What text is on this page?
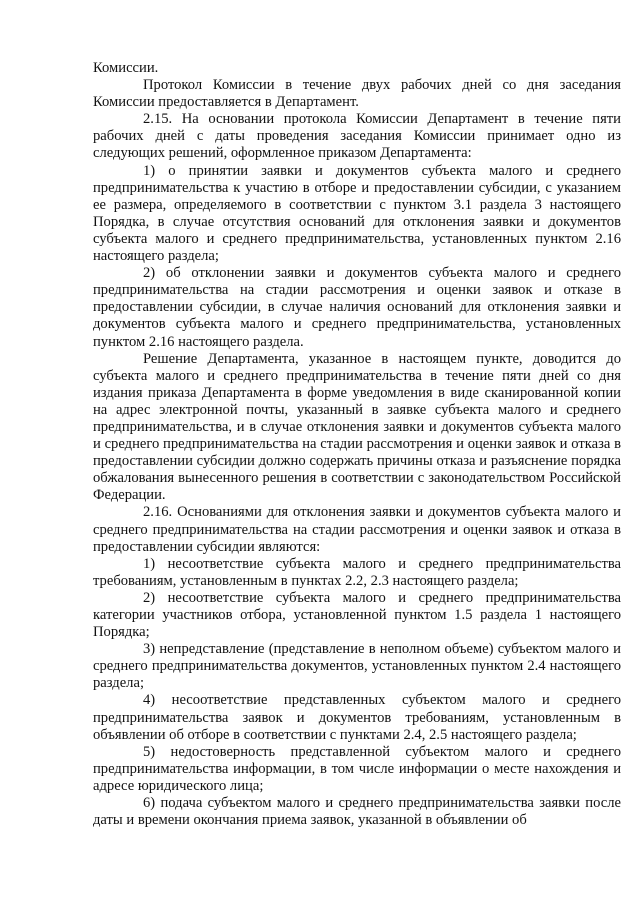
Комиссии.

Протокол Комиссии в течение двух рабочих дней со дня заседания Комиссии предоставляется в Департамент.

2.15. На основании протокола Комиссии Департамент в течение пяти рабочих дней с даты проведения заседания Комиссии принимает одно из следующих решений, оформленное приказом Департамента:

1) о принятии заявки и документов субъекта малого и среднего предпринимательства к участию в отборе и предоставлении субсидии, с указанием ее размера, определяемого в соответствии с пунктом 3.1 раздела 3 настоящего Порядка, в случае отсутствия оснований для отклонения заявки и документов субъекта малого и среднего предпринимательства, установленных пунктом 2.16 настоящего раздела;

2) об отклонении заявки и документов субъекта малого и среднего предпринимательства на стадии рассмотрения и оценки заявок и отказе в предоставлении субсидии, в случае наличия оснований для отклонения заявки и документов субъекта малого и среднего предпринимательства, установленных пунктом 2.16 настоящего раздела.

Решение Департамента, указанное в настоящем пункте, доводится до субъекта малого и среднего предпринимательства в течение пяти дней со дня издания приказа Департамента в форме уведомления в виде сканированной копии на адрес электронной почты, указанный в заявке субъекта малого и среднего предпринимательства, и в случае отклонения заявки и документов субъекта малого и среднего предпринимательства на стадии рассмотрения и оценки заявок и отказа в предоставлении субсидии должно содержать причины отказа и разъяснение порядка обжалования вынесенного решения в соответствии с законодательством Российской Федерации.

2.16. Основаниями для отклонения заявки и документов субъекта малого и среднего предпринимательства на стадии рассмотрения и оценки заявок и отказа в предоставлении субсидии являются:

1) несоответствие субъекта малого и среднего предпринимательства требованиям, установленным в пунктах 2.2, 2.3 настоящего раздела;

2) несоответствие субъекта малого и среднего предпринимательства категории участников отбора, установленной пунктом 1.5 раздела 1 настоящего Порядка;

3) непредставление (представление в неполном объеме) субъектом малого и среднего предпринимательства документов, установленных пунктом 2.4 настоящего раздела;

4) несоответствие представленных субъектом малого и среднего предпринимательства заявок и документов требованиям, установленным в объявлении об отборе в соответствии с пунктами 2.4, 2.5 настоящего раздела;

5) недостоверность представленной субъектом малого и среднего предпринимательства информации, в том числе информации о месте нахождения и адресе юридического лица;

6) подача субъектом малого и среднего предпринимательства заявки после даты и времени окончания приема заявок, указанной в объявлении об
